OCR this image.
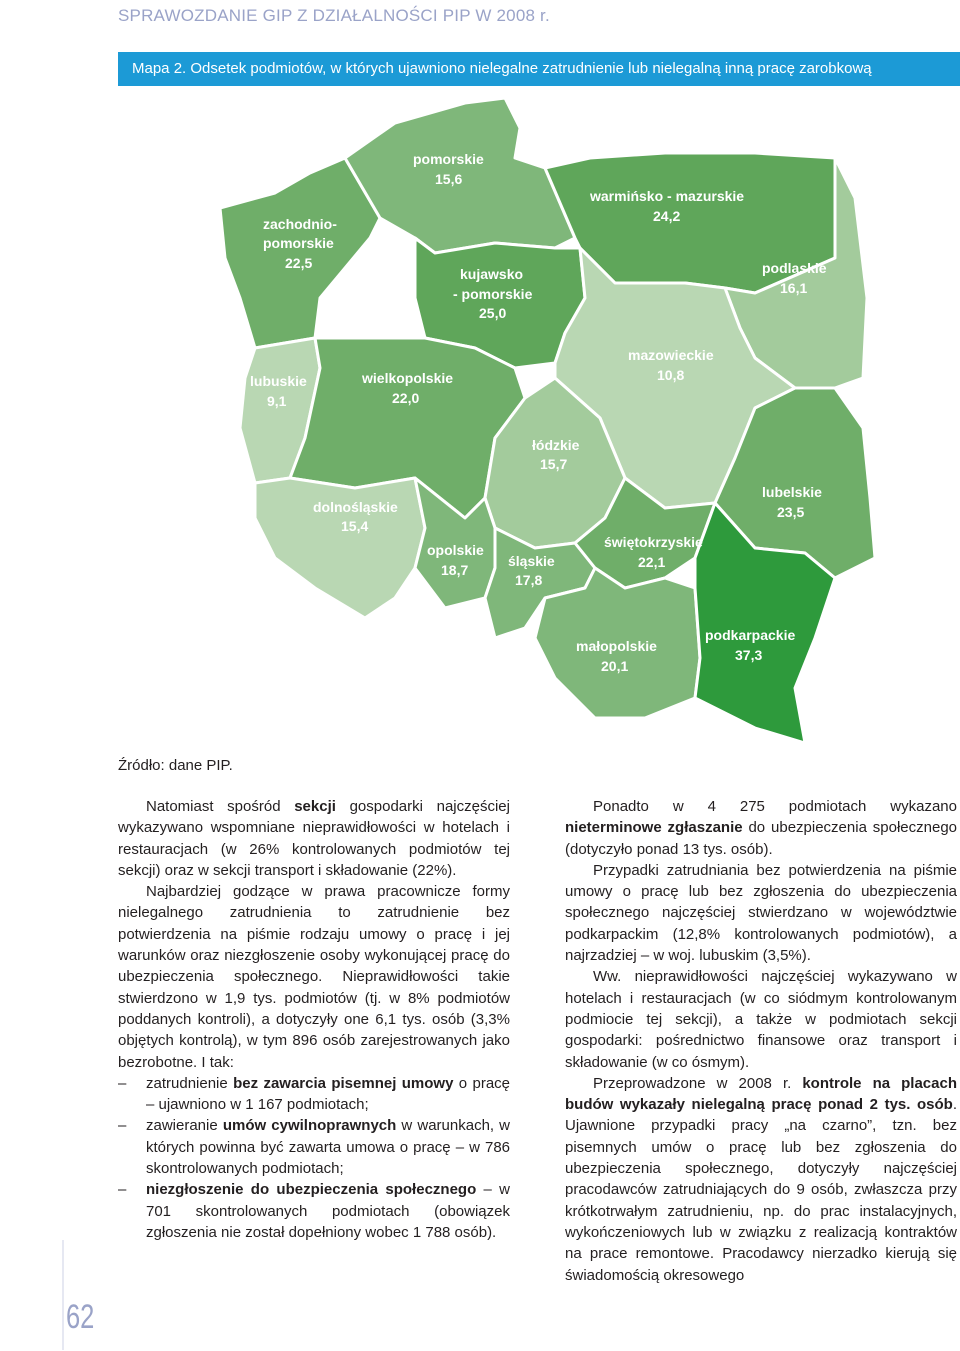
SPRAWOZDANIE GIP Z DZIAŁALNOŚCI PIP W 2008 r.
Mapa 2. Odsetek podmiotów, w których ujawniono nielegalne zatrudnienie lub nielegalną inną pracę zarobkową
zachodnio-
pomorskie
22,5
pomorskie
15,6
warmińsko - mazurskie
24,2
kujawsko
- pomorskie
25,0
podlaskie
16,1
lubuskie
9,1
wielkopolskie
22,0
mazowieckie
10,8
łódzkie
15,7
dolnośląskie
15,4
lubelskie
23,5
opolskie
18,7
śląskie
17,8
świętokrzyskie
22,1
małopolskie
20,1
podkarpackie
37,3
Źródło: dane PIP.

Natomiast spośród sekcji gospodarki najczęściej wykazywano wspomniane nieprawidłowości w hotelach i restauracjach (w 26% kontrolowanych podmiotów tej sekcji) oraz w sekcji transport i składowanie (22%).

Najbardziej godzące w prawa pracownicze formy nielegalnego zatrudnienia to zatrudnienie bez potwierdzenia na piśmie rodzaju umowy o pracę i jej warunków oraz niezgłoszenie osoby wykonującej pracę do ubezpieczenia społecznego. Nieprawidłowości takie stwierdzono w 1,9 tys. podmiotów (tj. w 8% podmiotów poddanych kontroli), a dotyczyły one 6,1 tys. osób (3,3% objętych kontrolą), w tym 896 osób zarejestrowanych jako bezrobotne. I tak:

– zatrudnienie bez zawarcia pisemnej umowy o pracę – ujawniono w 1 167 podmiotach;

– zawieranie umów cywilnoprawnych w warunkach, w których powinna być zawarta umowa o pracę – w 786 skontrolowanych podmiotach;

– niezgłoszenie do ubezpieczenia społecznego – w 701 skontrolowanych podmiotach (obowiązek zgłoszenia nie został dopełniony wobec 1 788 osób).

Ponadto w 4 275 podmiotach wykazano nieterminowe zgłaszanie do ubezpieczenia społecznego (dotyczyło ponad 13 tys. osób).

Przypadki zatrudniania bez potwierdzenia na piśmie umowy o pracę lub bez zgłoszenia do ubezpieczenia społecznego najczęściej stwierdzano w województwie podkarpackim (12,8% kontrolowanych podmiotów), a najrzadziej – w woj. lubuskim (3,5%).

Ww. nieprawidłowości najczęściej wykazywano w hotelach i restauracjach (w co siódmym kontrolowanym podmiocie tej sekcji), a także w podmiotach sekcji gospodarki: pośrednictwo finansowe oraz transport i składowanie (w co ósmym).

Przeprowadzone w 2008 r. kontrole na placach budów wykazały nielegalną pracę ponad 2 tys. osób. Ujawnione przypadki pracy „na czarno”, tzn. bez pisemnych umów o pracę lub bez zgłoszenia do ubezpieczenia społecznego, dotyczyły najczęściej pracodawców zatrudniających do 9 osób, zwłaszcza przy krótkotrwałym zatrudnieniu, np. do prac instalacyjnych, wykończeniowych lub w związku z realizacją kontraktów na prace remontowe. Pracodawcy nierzadko kierują się świadomością okresowego

62
